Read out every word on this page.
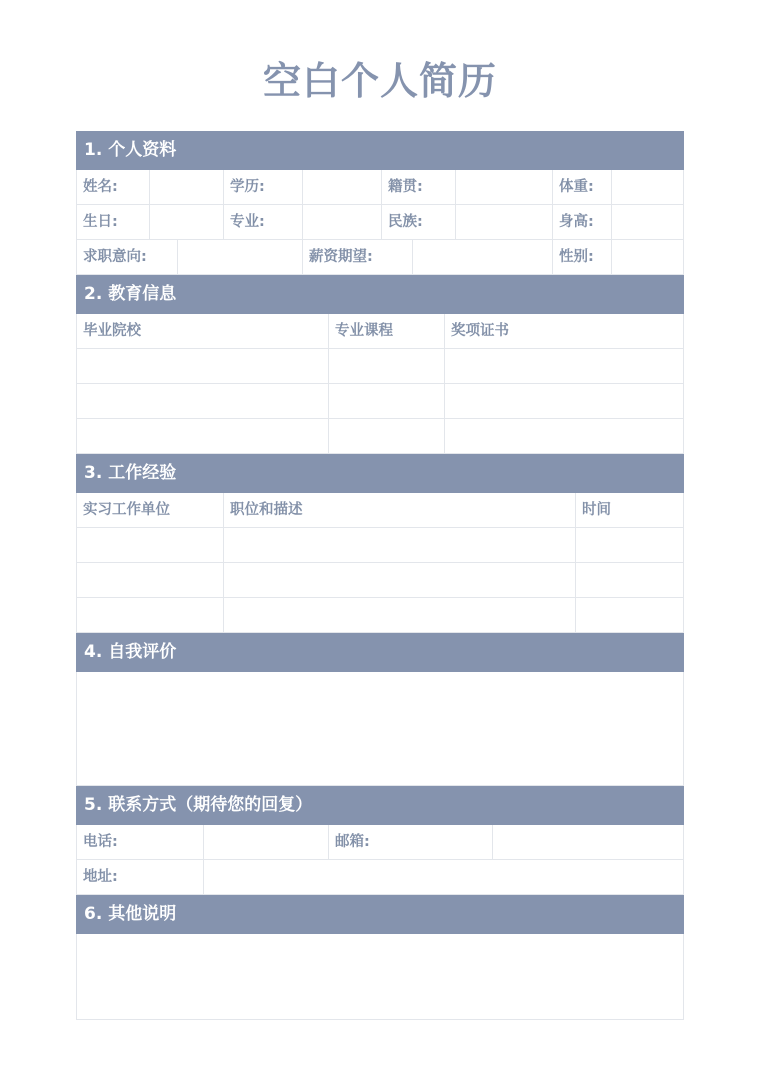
空白个人简历
1. 个人资料
姓名:	学历:	籍贯:	体重:
生日:	专业:	民族:	身高:
求职意向:	薪资期望:	性别:
2. 教育信息
毕业院校	专业课程	奖项证书
3. 工作经验
实习工作单位	职位和描述	时间
4. 自我评价
5. 联系方式（期待您的回复）
电话:	邮箱:
地址:
6. 其他说明
